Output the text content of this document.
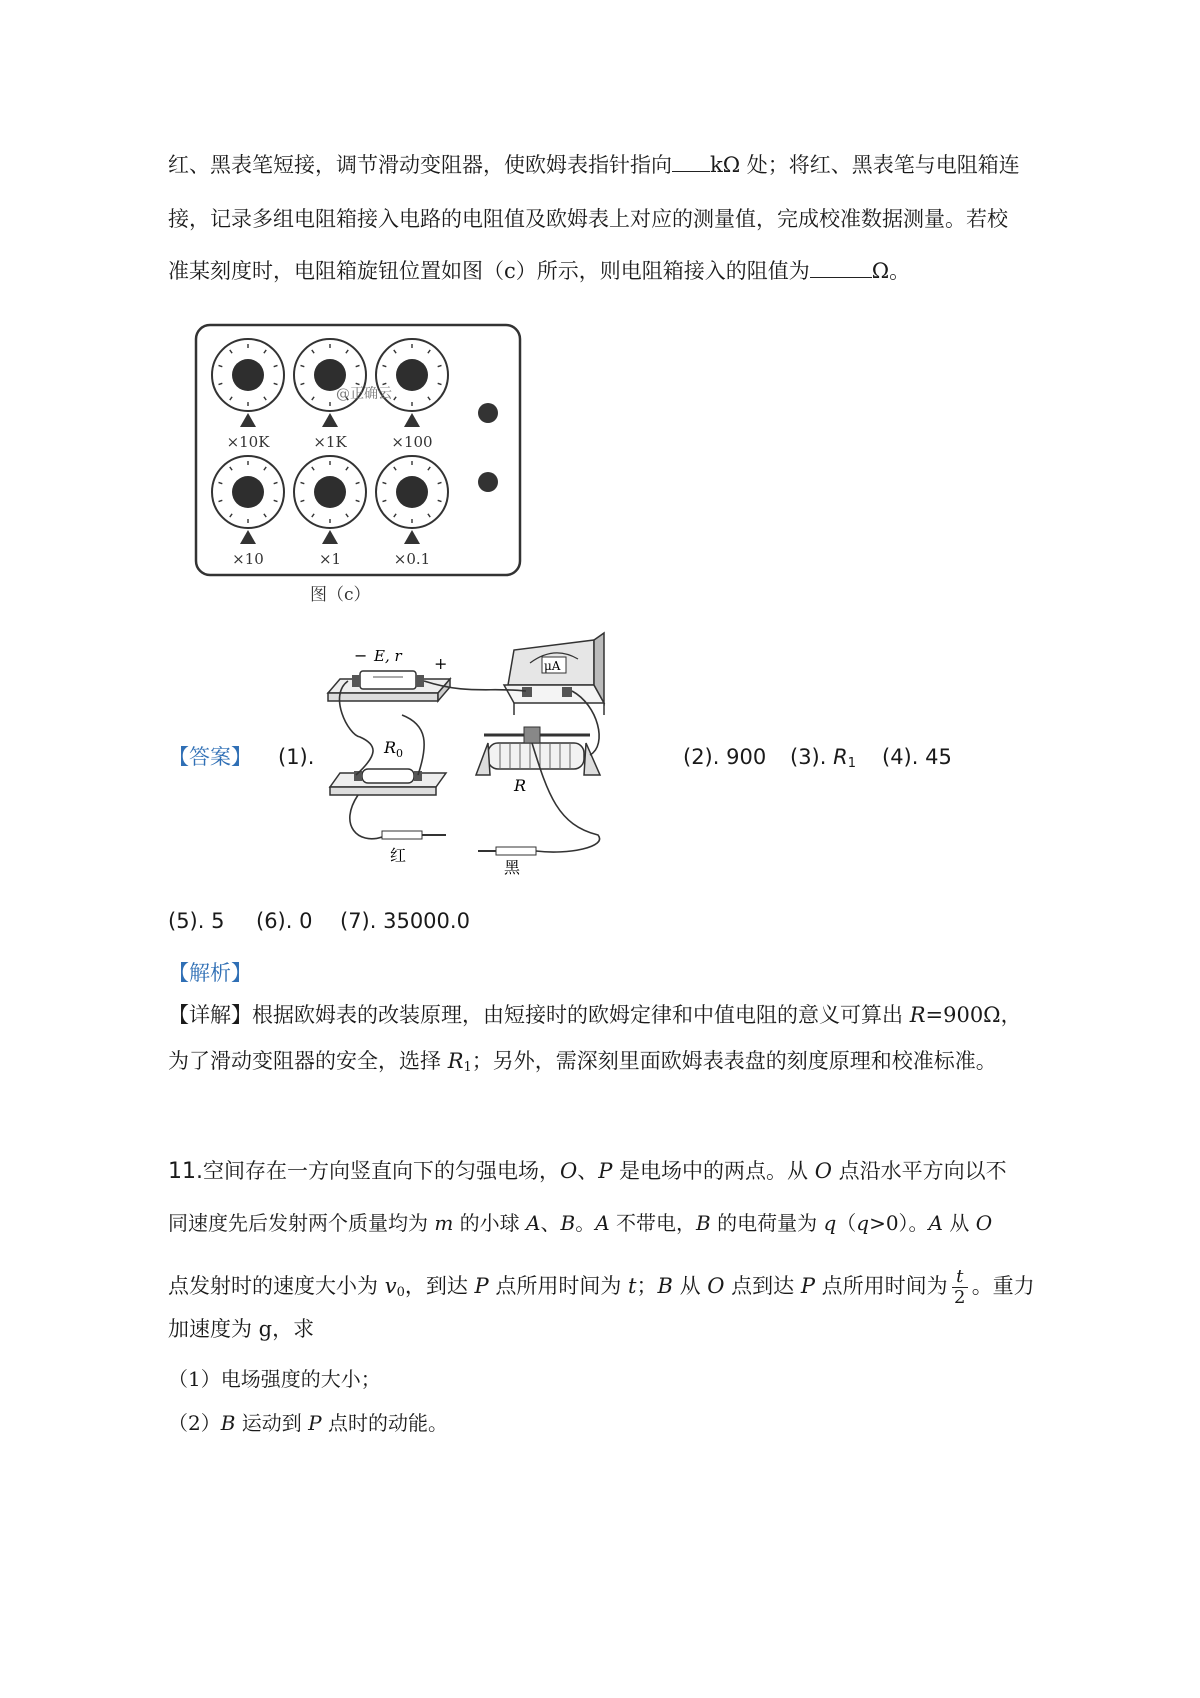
红、黑表笔短接，调节滑动变阻器，使欧姆表指针指向 kΩ 处；将红、黑表笔与电阻箱连
接，记录多组电阻箱接入电路的电阻值及欧姆表上对应的测量值，完成校准数据测量。若校
准某刻度时，电阻箱旋钮位置如图（c）所示，则电阻箱接入的阻值为	Ω。
×10K	×1K	×100
×10	×1	×0.1
@正确云
图（c）
【答案】 (1).
E, r
−	+	μA
$R_0$
R
红
黑
(2). 900 (3). $R_1$ (4). 45
(5). 5 (6). 0 (7). 35000.0
【解析】
【详解】根据欧姆表的改装原理，由短接时的欧姆定律和中值电阻的意义可算出 R=900Ω，
为了滑动变阻器的安全，选择 $R_1$；另外，需深刻里面欧姆表表盘的刻度原理和校准标准。
11.空间存在一方向竖直向下的匀强电场，O、P 是电场中的两点。从 O 点沿水平方向以不
同速度先后发射两个质量均为 m 的小球 A、B。A 不带电，B 的电荷量为 q（q>0）。A 从 O
点发射时的速度大小为 $v_0$，到达 P 点所用时间为 t；B 从 O 点到达 P 点所用时间为 $\frac{t}{2}$ 。重力
加速度为 g，求
（1）电场强度的大小；
（2）B 运动到 P 点时的动能。
